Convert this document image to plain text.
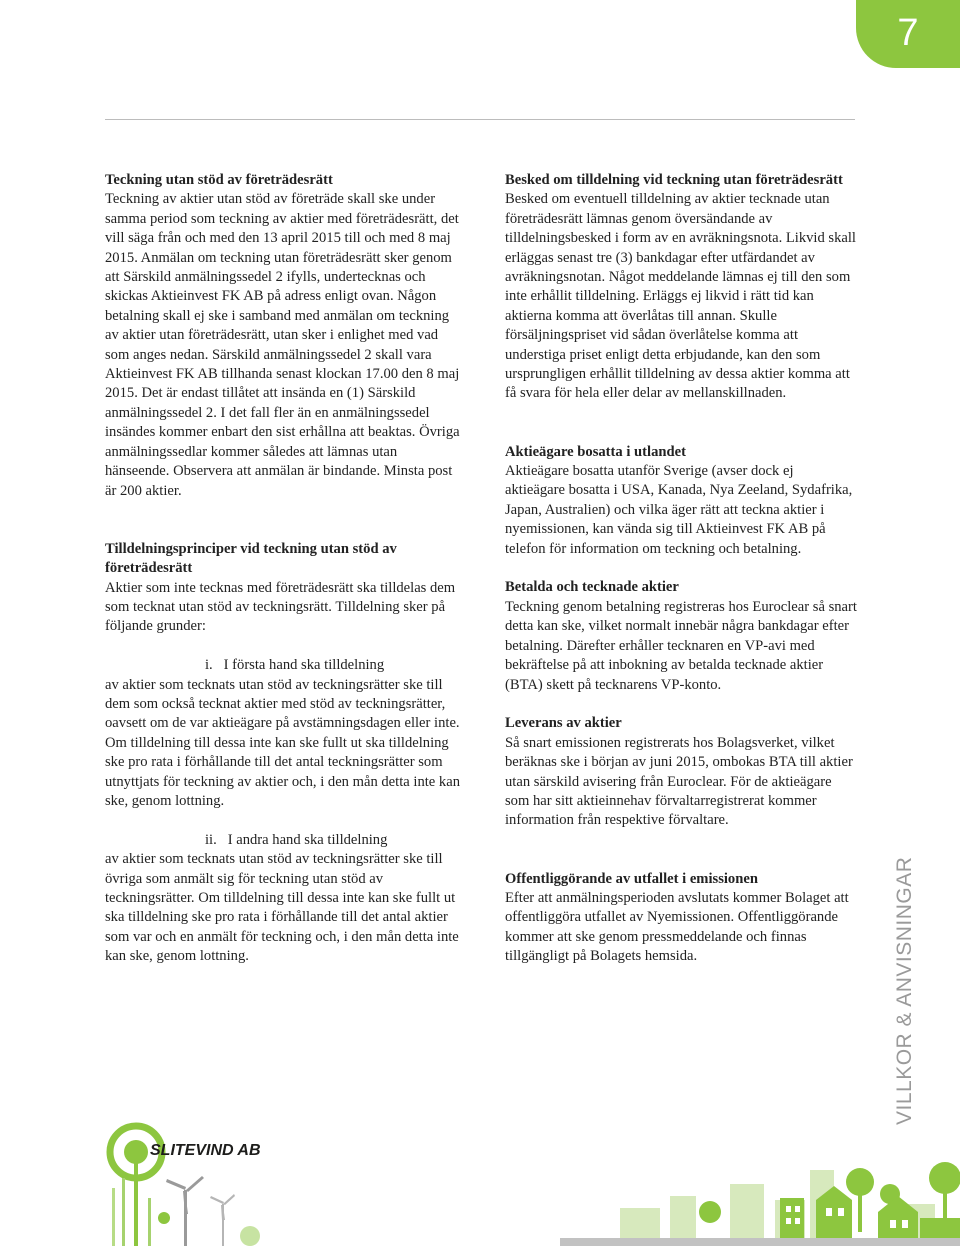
7
Teckning utan stöd av företrädesrätt

Teckning av aktier utan stöd av företräde skall ske under samma period som teckning av aktier med företrädesrätt, det vill säga från och med den 13 april 2015 till och med 8 maj 2015. Anmälan om teckning utan företrädesrätt sker genom att Särskild anmälningssedel 2 ifylls, undertecknas och skickas Aktieinvest FK AB på adress enligt ovan. Någon betalning skall ej ske i samband med anmälan om teckning av aktier utan företrädesrätt, utan sker i enlighet med vad som anges nedan. Särskild anmälningssedel 2 skall vara Aktieinvest FK AB tillhanda senast klockan 17.00 den 8 maj 2015. Det är endast tillåtet att insända en (1) Särskild anmälningssedel 2. I det fall fler än en anmälningssedel insändes kommer enbart den sist erhållna att beaktas. Övriga anmälningssedlar kommer således att lämnas utan hänseende. Observera att anmälan är bindande. Minsta post är 200 aktier.

Tilldelningsprinciper vid teckning utan stöd av företrädesrätt

Aktier som inte tecknas med företrädesrätt ska tilldelas dem som tecknat utan stöd av teckningsrätt. Tilldelning sker på följande grunder:

i. I första hand ska tilldelning

av aktier som tecknats utan stöd av teckningsrätter ske till dem som också tecknat aktier med stöd av teckningsrätter, oavsett om de var aktieägare på avstämningsdagen eller inte. Om tilldelning till dessa inte kan ske fullt ut ska tilldelning ske pro rata i förhållande till det antal teckningsrätter som utnyttjats för teckning av aktier och, i den mån detta inte kan ske, genom lottning.

ii. I andra hand ska tilldelning

av aktier som tecknats utan stöd av teckningsrätter ske till övriga som anmält sig för teckning utan stöd av teckningsrätter. Om tilldelning till dessa inte kan ske fullt ut ska tilldelning ske pro rata i förhållande till det antal aktier som var och en anmält för teckning och, i den mån detta inte kan ske, genom lottning.

Besked om tilldelning vid teckning utan företrädesrätt

Besked om eventuell tilldelning av aktier tecknade utan företrädesrätt lämnas genom översändande av tilldelningsbesked i form av en avräkningsnota. Likvid skall erläggas senast tre (3) bankdagar efter utfärdandet av avräkningsnotan. Något meddelande lämnas ej till den som inte erhållit tilldelning. Erläggs ej likvid i rätt tid kan aktierna komma att överlåtas till annan. Skulle försäljningspriset vid sådan överlåtelse komma att understiga priset enligt detta erbjudande, kan den som ursprungligen erhållit tilldelning av dessa aktier komma att få svara för hela eller delar av mellanskillnaden.

Aktieägare bosatta i utlandet

Aktieägare bosatta utanför Sverige (avser dock ej aktieägare bosatta i USA, Kanada, Nya Zeeland, Sydafrika, Japan, Australien) och vilka äger rätt att teckna aktier i nyemissionen, kan vända sig till Aktieinvest FK AB på telefon för information om teckning och betalning.

Betalda och tecknade aktier

Teckning genom betalning registreras hos Euroclear så snart detta kan ske, vilket normalt innebär några bankdagar efter betalning. Därefter erhåller tecknaren en VP-avi med bekräftelse på att inbokning av betalda tecknade aktier (BTA) skett på tecknarens VP-konto.

Leverans av aktier

Så snart emissionen registrerats hos Bolagsverket, vilket beräknas ske i början av juni 2015, ombokas BTA till aktier utan särskild avisering från Euroclear. För de aktieägare som har sitt aktieinnehav förvaltarregistrerat kommer information från respektive förvaltare.

Offentliggörande av utfallet i emissionen

Efter att anmälningsperioden avslutats kommer Bolaget att offentliggöra utfallet av Nyemissionen. Offentliggörande kommer att ske genom pressmeddelande och finnas tillgängligt på Bolagets hemsida.	VILLKOR & ANVISNINGAR
SLITEVIND AB
